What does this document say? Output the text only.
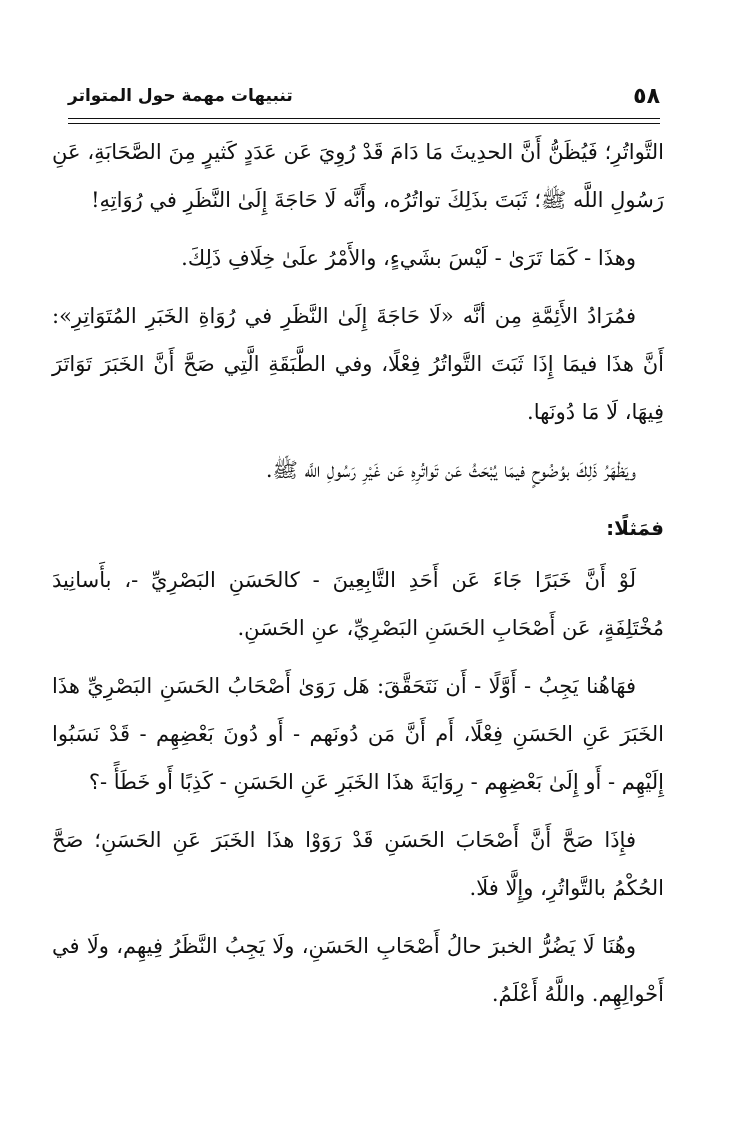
٥٨
تنبيهات مهمة حول المتواتر

التَّواتُرِ؛ فَيُظَنُّ أَنَّ الحدِيثَ مَا دَامَ قَدْ رُوِيَ عَن عَدَدٍ كَثيرٍ مِنَ الصَّحَابَةِ، عَنِ رَسُولِ اللَّه ﷺ؛ ثَبَتَ بذَلِكَ تواتُرُه، وأَنَّه لَا حَاجَةَ إِلَىٰ النَّظَرِ في رُوَاتِهِ!

وهذَا - كَمَا تَرَىٰ - لَيْسَ بشَيءٍ، والأَمْرُ علَىٰ خِلَافِ ذَلِكَ.

فمُرَادُ الأَئِمَّةِ مِن أنَّه «لَا حَاجَةَ إِلَىٰ النَّظَرِ في رُوَاةِ الخَبَرِ المُتَوَاتِرِ»: أَنَّ هذَا فيمَا إِذَا ثَبَتَ التَّواتُرُ فِعْلًا، وفي الطَّبَقَةِ الَّتِي صَحَّ أَنَّ الخَبَرَ تَوَاتَرَ فِيهَا، لَا مَا دُونَها.

ويَظْهَرُ ذَلِكَ بوُضُوحٍ فيمَا يُبْحَثُ عَن تَواتُرِهِ عَن غَيْرِ رَسُولِ اللَّه ﷺ.

فمَثلًا:

لَوْ أَنَّ خَبَرًا جَاءَ عَن أَحَدِ التَّابِعِينَ - كالحَسَنِ البَصْرِيِّ -، بأَسانِيدَ مُخْتَلِفَةٍ، عَن أَصْحَابِ الحَسَنِ البَصْرِيِّ، عنِ الحَسَنِ.

فهَاهُنا يَجِبُ - أَوَّلًا - أَن نَتَحَقَّقَ: هَل رَوَىٰ أَصْحَابُ الحَسَنِ البَصْرِيِّ هذَا الخَبَرَ عَنِ الحَسَنِ فِعْلًا، أَم أَنَّ مَن دُونَهم - أَو دُونَ بَعْضِهِم - قَدْ نَسَبُوا إِلَيْهِم - أَو إِلَىٰ بَعْضِهِم - رِوَايَةَ هذَا الخَبَرِ عَنِ الحَسَنِ - كَذِبًا أَو خَطَأً -؟

فإِذَا صَحَّ أَنَّ أَصْحَابَ الحَسَنِ قَدْ رَوَوْا هذَا الخَبَرَ عَنِ الحَسَنِ؛ صَحَّ الحُكْمُ بالتَّواتُرِ، وإِلَّا فلَا.

وهُنَا لَا يَضُرُّ الخبرَ حالُ أَصْحَابِ الحَسَنِ، ولَا يَجِبُ النَّظَرُ فِيهِم، ولَا في أَحْوالِهِم. واللَّهُ أَعْلَمُ.
